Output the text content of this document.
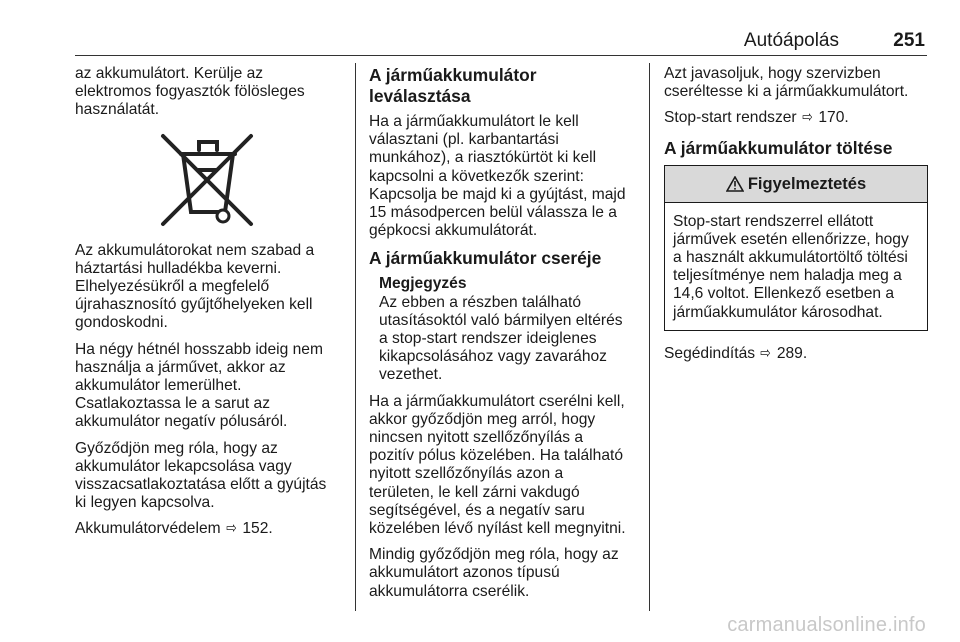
Autóápolás	251

az akkumulátort. Kerülje az
elektromos fogyasztók fölösleges
használatát.

Az akkumulátorokat nem szabad a
háztartási hulladékba keverni.
Elhelyezésükről a megfelelő
újrahasznosító gyűjtőhelyeken kell
gondoskodni.

Ha négy hétnél hosszabb ideig nem
használja a járművet, akkor az
akkumulátor lemerülhet.
Csatlakoztassa le a sarut az
akkumulátor negatív pólusáról.

Győződjön meg róla, hogy az
akkumulátor lekapcsolása vagy
visszacsatlakoztatása előtt a gyújtás
ki legyen kapcsolva.

Akkumulátorvédelem ⇨ 152.

A járműakkumulátor leválasztása

Ha a járműakkumulátort le kell
választani (pl. karbantartási
munkához), a riasztókürtöt ki kell
kapcsolni a következők szerint:
Kapcsolja be majd ki a gyújtást, majd
15 másodpercen belül válassza le a
gépkocsi akkumulátorát.

A járműakkumulátor cseréje
Megjegyzés

Az ebben a részben található
utasításoktól való bármilyen eltérés
a stop-start rendszer ideiglenes
kikapcsolásához vagy zavarához
vezethet.

Ha a járműakkumulátort cserélni kell,
akkor győződjön meg arról, hogy
nincsen nyitott szellőzőnyílás a
pozitív pólus közelében. Ha található
nyitott szellőzőnyílás azon a
területen, le kell zárni vakdugó
segítségével, és a negatív saru
közelében lévő nyílást kell megnyitni.

Mindig győződjön meg róla, hogy az
akkumulátort azonos típusú
akkumulátorra cserélik.

Azt javasoljuk, hogy szervizben
cseréltesse ki a járműakkumulátort.

Stop-start rendszer ⇨ 170.

A járműakkumulátor töltése
Figyelmeztetés
Stop-start rendszerrel ellátott
járművek esetén ellenőrizze, hogy
a használt akkumulátortöltő töltési
teljesítménye nem haladja meg a
14,6 voltot. Ellenkező esetben a
járműakkumulátor károsodhat.

Segédindítás ⇨ 289.

carmanualsonline.info
